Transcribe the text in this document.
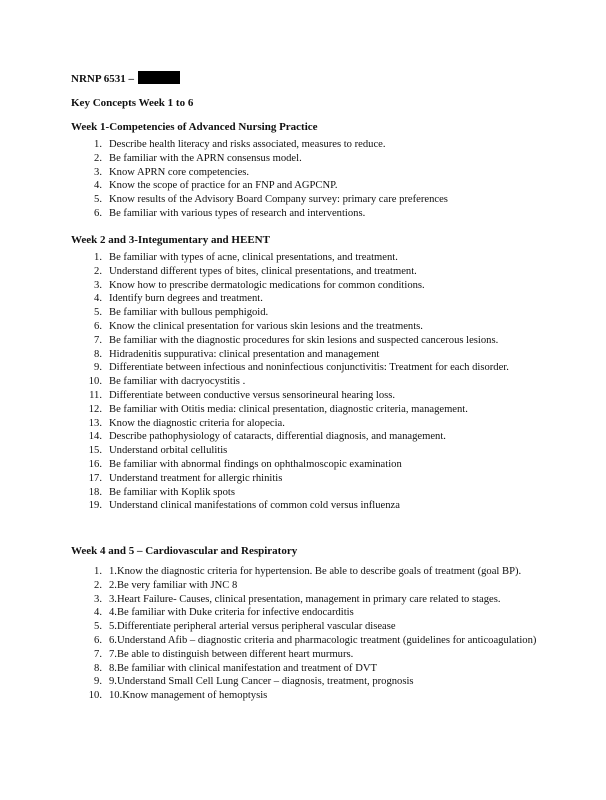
NRNP 6531 –
Key Concepts Week 1 to 6
Week 1-Competencies of Advanced Nursing Practice
1. Describe health literacy and risks associated, measures to reduce.
2. Be familiar with the APRN consensus model.
3. Know APRN core competencies.
4. Know the scope of practice for an FNP and AGPCNP.
5. Know results of the Advisory Board Company survey: primary care preferences
6. Be familiar with various types of research and interventions.
Week 2 and 3-Integumentary and HEENT
1. Be familiar with types of acne, clinical presentations, and treatment.
2. Understand different types of bites, clinical presentations, and treatment.
3. Know how to prescribe dermatologic medications for common conditions.
4. Identify burn degrees and treatment.
5. Be familiar with bullous pemphigoid.
6. Know the clinical presentation for various skin lesions and the treatments.
7. Be familiar with the diagnostic procedures for skin lesions and suspected cancerous lesions.
8. Hidradenitis suppurativa: clinical presentation and management
9. Differentiate between infectious and noninfectious conjunctivitis: Treatment for each disorder.
10. Be familiar with dacryocystitis .
11. Differentiate between conductive versus sensorineural hearing loss.
12. Be familiar with Otitis media: clinical presentation, diagnostic criteria, management.
13. Know the diagnostic criteria for alopecia.
14. Describe pathophysiology of cataracts, differential diagnosis, and management.
15. Understand orbital cellulitis
16. Be familiar with abnormal findings on ophthalmoscopic examination
17. Understand treatment for allergic rhinitis
18. Be familiar with Koplik spots
19. Understand clinical manifestations of common cold versus influenza
Week 4 and 5 – Cardiovascular and Respiratory
1. 1.Know the diagnostic criteria for hypertension. Be able to describe goals of treatment (goal BP).
2. 2.Be very familiar with JNC 8
3. 3.Heart Failure- Causes, clinical presentation, management in primary care related to stages.
4. 4.Be familiar with Duke criteria for infective endocarditis
5. 5.Differentiate peripheral arterial versus peripheral vascular disease
6. 6.Understand Afib – diagnostic criteria and pharmacologic treatment (guidelines for anticoagulation)
7. 7.Be able to distinguish between different heart murmurs.
8. 8.Be familiar with clinical manifestation and treatment of DVT
9. 9.Understand Small Cell Lung Cancer – diagnosis, treatment, prognosis
10. 10.Know management of hemoptysis
